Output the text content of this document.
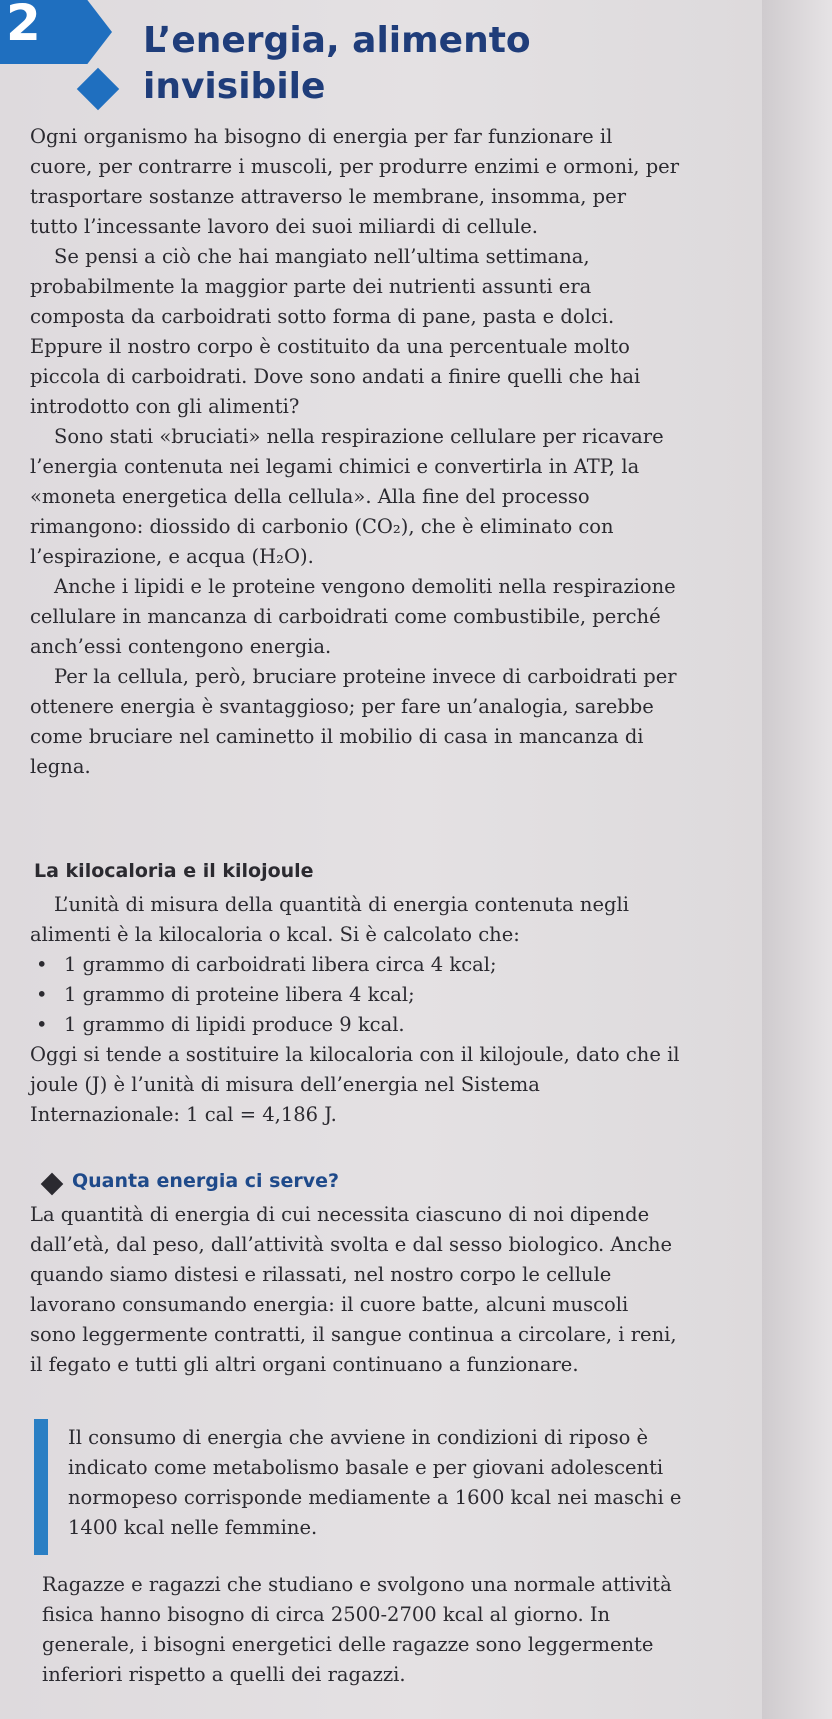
2	L’energia, alimento
invisibile

Ogni organismo ha bisogno di energia per far funzionare il cuore, per contrarre i muscoli, per produrre enzimi e ormoni, per trasportare sostanze attraverso le membrane, insomma, per tutto l’incessante lavoro dei suoi miliardi di cellule.

Se pensi a ciò che hai mangiato nell’ultima settimana, probabilmente la maggior parte dei nutrienti assunti era composta da carboidrati sotto forma di pane, pasta e dolci. Eppure il nostro corpo è costituito da una percentuale molto piccola di carboidrati. Dove sono andati a finire quelli che hai introdotto con gli alimenti?

Sono stati «bruciati» nella respirazione cellulare per ricavare l’energia contenuta nei legami chimici e convertirla in ATP, la «moneta energetica della cellula». Alla fine del processo rimangono: diossido di carbonio (CO₂), che è eliminato con l’espirazione, e acqua (H₂O).

Anche i lipidi e le proteine vengono demoliti nella respirazione cellulare in mancanza di carboidrati come combustibile, perché anch’essi contengono energia.

Per la cellula, però, bruciare proteine invece di carboidrati per ottenere energia è svantaggioso; per fare un’analogia, sarebbe come bruciare nel caminetto il mobilio di casa in mancanza di legna.

La kilocaloria e il kilojoule

L’unità di misura della quantità di energia contenuta negli alimenti è la kilocaloria o kcal. Si è calcolato che:

• 1 grammo di carboidrati libera circa 4 kcal;
• 1 grammo di proteine libera 4 kcal;
• 1 grammo di lipidi produce 9 kcal.

Oggi si tende a sostituire la kilocaloria con il kilojoule, dato che il joule (J) è l’unità di misura dell’energia nel Sistema Internazionale: 1 cal = 4,186 J.

Quanta energia ci serve?

La quantità di energia di cui necessita ciascuno di noi dipende dall’età, dal peso, dall’attività svolta e dal sesso biologico. Anche quando siamo distesi e rilassati, nel nostro corpo le cellule lavorano consumando energia: il cuore batte, alcuni muscoli sono leggermente contratti, il sangue continua a circolare, i reni, il fegato e tutti gli altri organi continuano a funzionare.

Il consumo di energia che avviene in condizioni di riposo è indicato come metabolismo basale e per giovani adolescenti normopeso corrisponde mediamente a 1600 kcal nei maschi e 1400 kcal nelle femmine.

Ragazze e ragazzi che studiano e svolgono una normale attività fisica hanno bisogno di circa 2500-2700 kcal al giorno. In generale, i bisogni energetici delle ragazze sono leggermente inferiori rispetto a quelli dei ragazzi.
